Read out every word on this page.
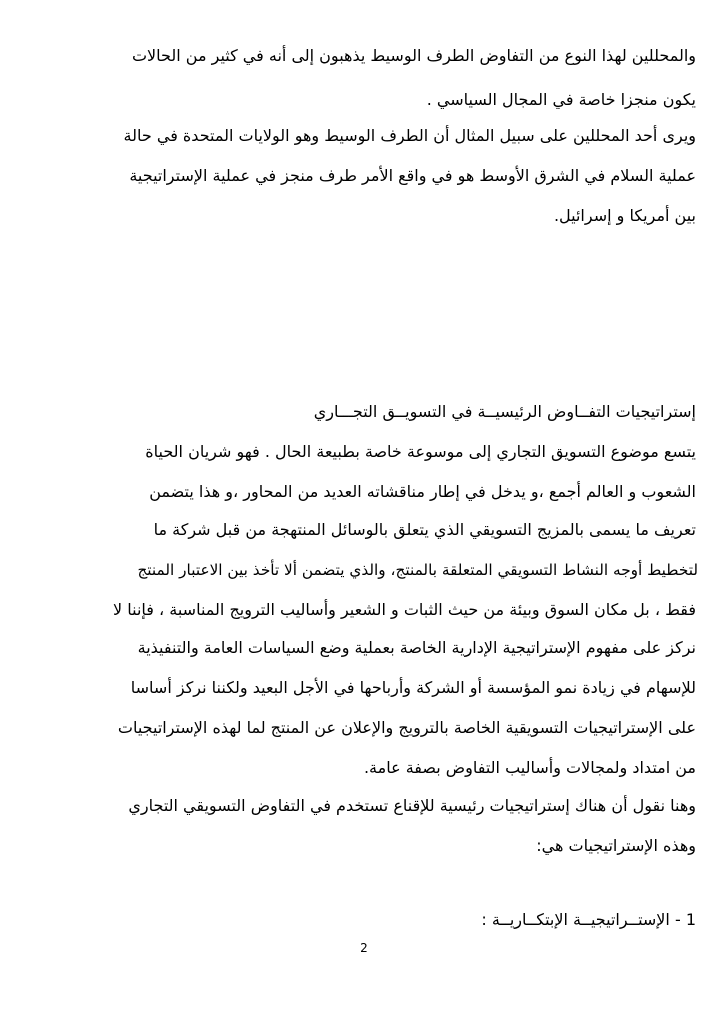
والمحللين لهذا النوع من التفاوض الطرف الوسيط يذهبون إلى أنه في كثير من الحالات

يكون منجزا خاصة في المجال السياسي .

ويرى أحد المحللين على سبيل المثال أن الطرف الوسيط وهو الولايات المتحدة في حالة

عملية السلام في الشرق الأوسط هو في واقع الأمر طرف منجز في عملية الإستراتيجية

بين أمريكا و إسرائيل.

إستراتيجيات التفــاوض الرئيسيــة في التسويــق التجـــاري

يتسع موضوع التسويق التجاري إلى موسوعة خاصة بطبيعة الحال . فهو شريان الحياة

الشعوب و العالم أجمع ،و يدخل في إطار مناقشاته العديد من المحاور ،و هذا يتضمن

تعريف ما يسمى بالمزيج التسويقي الذي يتعلق بالوسائل المنتهجة من قبل شركة ما

لتخطيط أوجه النشاط التسويقي المتعلقة بالمنتج، والذي يتضمن ألا تأخذ بين الاعتبار المنتج

فقط ، بل مكان السوق وبيئة من حيث الثبات و الشعير وأساليب الترويج المناسبة ، فإننا لا

نركز على مفهوم الإستراتيجية الإدارية الخاصة بعملية وضع السياسات العامة والتنفيذية

للإسهام في زيادة نمو المؤسسة أو الشركة وأرباحها في الأجل البعيد ولكننا نركز أساسا

على الإستراتيجيات التسويقية الخاصة بالترويج والإعلان عن المنتج لما لهذه الإستراتيجيات

من امتداد ولمجالات وأساليب التفاوض بصفة عامة.

وهنا نقول أن هناك إستراتيجيات رئيسية للإقناع تستخدم في التفاوض التسويقي التجاري

وهذه الإستراتيجيات هي:

1 - الإستــراتيجيــة الإبتكــاريــة :

2
